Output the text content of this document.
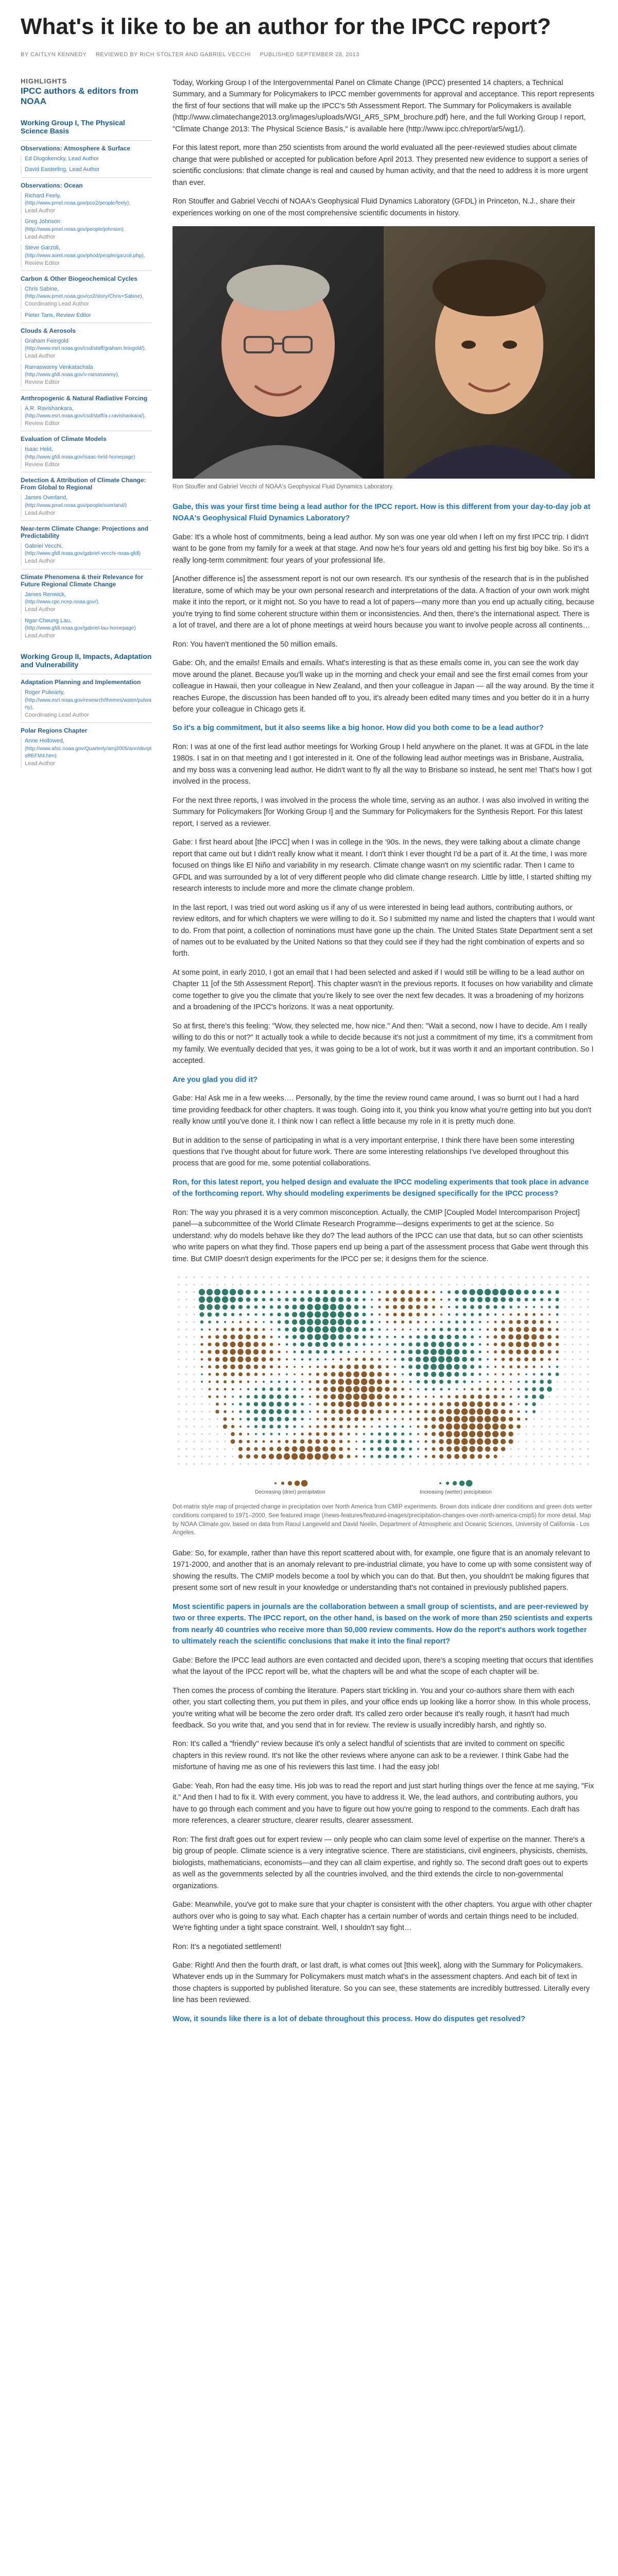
What's it like to be an author for the IPCC report?
BY CAITLYN KENNEDY REVIEWED BY RICH STOLTER AND GABRIEL VECCHI PUBLISHED SEPTEMBER 28, 2013
HIGHLIGHTS
IPCC authors & editors from NOAA
Working Group I, The Physical Science Basis
Observations: Atmosphere & Surface
Ed Dlugokencky, Lead Author
David Easterling, Lead Author
Observations: Ocean
Richard Feely,
(http://www.pmel.noaa.gov/pco2/people/feely),
Lead Author
Greg Johnson
(http://www.pmel.noaa.gov/people/johnson),
Lead Author
Steve Garzoli,
(http://www.aoml.noaa.gov/phod/people/garzoli.php),
Review Editor
Carbon & Other Biogeochemical Cycles
Chris Sabine,
(http://www.pmel.noaa.gov/co2/story/Chris+Sabine),
Coordinating Lead Author
Pieter Tans, Review Editor
Clouds & Aerosols
Graham Feingold
(http://www.esrl.noaa.gov/csd/staff/graham.feingold/),
Lead Author
Ramaswamy Venkatachala
(http://www.gfdl.noaa.gov/v-ramaswamy),
Review Editor
Anthropogenic & Natural Radiative Forcing
A.R. Ravishankara,
(http://www.esrl.noaa.gov/csd/staff/a.r.ravishankara/),
Review Editor
Evaluation of Climate Models
Isaac Held,
(http://www.gfdl.noaa.gov/isaac-held-homepage)
Review Editor
Detection & Attribution of Climate Change: From Global to Regional
James Overland,
(http://www.pmel.noaa.gov/people/overland/)
Lead Author
Near-term Climate Change: Projections and Predictability
Gabriel Vecchi,
(http://www.gfdl.noaa.gov/gabriel-vecchi-noaa-gfdl)
Lead Author
Climate Phenomena & their Relevance for Future Regional Climate Change
James Renwick,
(http://www.cpc.ncep.noaa.gov/),
Lead Author
Ngar-Cheung Lau,
(http://www.gfdl.noaa.gov/gabriel-lau-homepage)
Lead Author
Working Group II, Impacts, Adaptation and Vulnerability
Adaptation Planning and Implementation
Roger Pulwarty,
(http://www.esrl.noaa.gov/research/themes/water/pulwarty),
Coordinating Lead Author
Polar Regions Chapter
Anne Hollowed,
(http://www.afsc.noaa.gov/Quarterly/amj2005/ann/divrptsREFM4.htm)
Lead Author

Today, Working Group I of the Intergovernmental Panel on Climate Change (IPCC) presented 14 chapters, a Technical Summary, and a Summary for Policymakers to IPCC member governments for approval and acceptance. This report represents the first of four sections that will make up the IPCC's 5th Assessment Report. The Summary for Policymakers is available (http://www.climatechange2013.org/images/uploads/WGI_AR5_SPM_brochure.pdf) here, and the full Working Group I report, "Climate Change 2013: The Physical Science Basis," is available here (http://www.ipcc.ch/report/ar5/wg1/).

For this latest report, more than 250 scientists from around the world evaluated all the peer-reviewed studies about climate change that were published or accepted for publication before April 2013. They presented new evidence to support a series of scientific conclusions: that climate change is real and caused by human activity, and that the need to address it is more urgent than ever.

Ron Stouffer and Gabriel Vecchi of NOAA's Geophysical Fluid Dynamics Laboratory (GFDL) in Princeton, N.J., share their experiences working on one of the most comprehensive scientific documents in history.

Ron Stouffer and Gabriel Vecchi of NOAA's Geophysical Fluid Dynamics Laboratory.

Gabe, this was your first time being a lead author for the IPCC report. How is this different from your day-to-day job at NOAA's Geophysical Fluid Dynamics Laboratory?

Gabe: It's a whole host of commitments, being a lead author. My son was one year old when I left on my first IPCC trip. I didn't want to be gone from my family for a week at that stage. And now he's four years old and getting his first big boy bike. So it's a really long-term commitment: four years of your professional life.

[Another difference is] the assessment report is not our own research. It's our synthesis of the research that is in the published literature, some of which may be your own personal research and interpretations of the data. A fraction of your own work might make it into the report, or it might not. So you have to read a lot of papers—many more than you end up actually citing, because you're trying to find some coherent structure within them or inconsistencies. And then, there's the international aspect. There is a lot of travel, and there are a lot of phone meetings at weird hours because you want to involve people across all continents…

Ron: You haven't mentioned the 50 million emails.

Gabe: Oh, and the emails! Emails and emails. What's interesting is that as these emails come in, you can see the work day move around the planet. Because you'll wake up in the morning and check your email and see the first email comes from your colleague in Hawaii, then your colleague in New Zealand, and then your colleague in Japan — all the way around. By the time it reaches Europe, the discussion has been handed off to you, it's already been edited many times and you better do it in a hurry before your colleague in Chicago gets it.

So it's a big commitment, but it also seems like a big honor. How did you both come to be a lead author?

Ron: I was at one of the first lead author meetings for Working Group I held anywhere on the planet. It was at GFDL in the late 1980s. I sat in on that meeting and I got interested in it. One of the following lead author meetings was in Brisbane, Australia, and my boss was a convening lead author. He didn't want to fly all the way to Brisbane so instead, he sent me! That's how I got involved in the process.

For the next three reports, I was involved in the process the whole time, serving as an author. I was also involved in writing the Summary for Policymakers [for Working Group I] and the Summary for Policymakers for the Synthesis Report. For this latest report, I served as a reviewer.

Gabe: I first heard about [the IPCC] when I was in college in the '90s. In the news, they were talking about a climate change report that came out but I didn't really know what it meant. I don't think I ever thought I'd be a part of it. At the time, I was more focused on things like El Niño and variability in my research. Climate change wasn't on my scientific radar. Then I came to GFDL and was surrounded by a lot of very different people who did climate change research. Little by little, I started shifting my research interests to include more and more the climate change problem.

In the last report, I was tried out word asking us if any of us were interested in being lead authors, contributing authors, or review editors, and for which chapters we were willing to do it. So I submitted my name and listed the chapters that I would want to do. From that point, a collection of nominations must have gone up the chain. The United States State Department sent a set of names out to be evaluated by the United Nations so that they could see if they had the right combination of experts and so forth.

At some point, in early 2010, I got an email that I had been selected and asked if I would still be willing to be a lead author on Chapter 11 [of the 5th Assessment Report]. This chapter wasn't in the previous reports. It focuses on how variability and climate come together to give you the climate that you're likely to see over the next few decades. It was a broadening of my horizons and a broadening of the IPCC's horizons. It was a neat opportunity.

So at first, there's this feeling: "Wow, they selected me, how nice." And then: "Wait a second, now I have to decide. Am I really willing to do this or not?" It actually took a while to decide because it's not just a commitment of my time, it's a commitment from my family. We eventually decided that yes, it was going to be a lot of work, but it was worth it and an important contribution. So I accepted.

Are you glad you did it?

Gabe: Ha! Ask me in a few weeks…. Personally, by the time the review round came around, I was so burnt out I had a hard time providing feedback for other chapters. It was tough. Going into it, you think you know what you're getting into but you don't really know until you've done it. I think now I can reflect a little because my role in it is pretty much done.

But in addition to the sense of participating in what is a very important enterprise, I think there have been some interesting questions that I've thought about for future work. There are some interesting relationships I've developed throughout this process that are good for me, some potential collaborations.

Ron, for this latest report, you helped design and evaluate the IPCC modeling experiments that took place in advance of the forthcoming report. Why should modeling experiments be designed specifically for the IPCC process?

Ron: The way you phrased it is a very common misconception. Actually, the CMIP [Coupled Model Intercomparison Project] panel—a subcommittee of the World Climate Research Programme—designs experiments to get at the science. So understand: why do models behave like they do? The lead authors of the IPCC can use that data, but so can other scientists who write papers on what they find. Those papers end up being a part of the assessment process that Gabe went through this time. But CMIP doesn't design experiments for the IPCC per se; it designs them for the science.

Decreasing (drier) precipitation	Increasing (wetter) precipitation
Dot-matrix style map of projected change in precipitation over North America from CMIP experiments. Brown dots indicate drier conditions and green dots wetter conditions compared to 1971–2000. See featured image (/news-features/featured-images/precipitation-changes-over-north-america-cmip5) for more detail. Map by NOAA Climate.gov, based on data from Raoul Langeveld and David Neelin, Department of Atmospheric and Oceanic Sciences, University of California - Los Angeles.

Gabe: So, for example, rather than have this report scattered about with, for example, one figure that is an anomaly relevant to 1971-2000, and another that is an anomaly relevant to pre-industrial climate, you have to come up with some consistent way of showing the results. The CMIP models become a tool by which you can do that. But then, you shouldn't be making figures that present some sort of new result in your knowledge or understanding that's not contained in previously published papers.

Most scientific papers in journals are the collaboration between a small group of scientists, and are peer-reviewed by two or three experts. The IPCC report, on the other hand, is based on the work of more than 250 scientists and experts from nearly 40 countries who receive more than 50,000 review comments. How do the report's authors work together to ultimately reach the scientific conclusions that make it into the final report?

Gabe: Before the IPCC lead authors are even contacted and decided upon, there's a scoping meeting that occurs that identifies what the layout of the IPCC report will be, what the chapters will be and what the scope of each chapter will be.

Then comes the process of combing the literature. Papers start trickling in. You and your co-authors share them with each other, you start collecting them, you put them in piles, and your office ends up looking like a horror show. In this whole process, you're writing what will be become the zero order draft. It's called zero order because it's really rough, it hasn't had much feedback. So you write that, and you send that in for review. The review is usually incredibly harsh, and rightly so.

Ron: It's called a "friendly" review because it's only a select handful of scientists that are invited to comment on specific chapters in this review round. It's not like the other reviews where anyone can ask to be a reviewer. I think Gabe had the misfortune of having me as one of his reviewers this last time. I had the easy job!

Gabe: Yeah, Ron had the easy time. His job was to read the report and just start hurling things over the fence at me saying, "Fix it." And then I had to fix it. With every comment, you have to address it. We, the lead authors, and contributing authors, you have to go through each comment and you have to figure out how you're going to respond to the comments. Each draft has more references, a clearer structure, clearer results, clearer assessment.

Ron: The first draft goes out for expert review — only people who can claim some level of expertise on the manner. There's a big group of people. Climate science is a very integrative science. There are statisticians, civil engineers, physicists, chemists, biologists, mathematicians, economists—and they can all claim expertise, and rightly so. The second draft goes out to experts as well as the governments selected by all the countries involved, and the third extends the circle to non-governmental organizations.

Gabe: Meanwhile, you've got to make sure that your chapter is consistent with the other chapters. You argue with other chapter authors over who is going to say what. Each chapter has a certain number of words and certain things need to be included. We're fighting under a tight space constraint. Well, I shouldn't say fight…

Ron: It's a negotiated settlement!

Gabe: Right! And then the fourth draft, or last draft, is what comes out [this week], along with the Summary for Policymakers. Whatever ends up in the Summary for Policymakers must match what's in the assessment chapters. And each bit of text in those chapters is supported by published literature. So you can see, these statements are incredibly buttressed. Literally every line has been reviewed.

Wow, it sounds like there is a lot of debate throughout this process. How do disputes get resolved?
